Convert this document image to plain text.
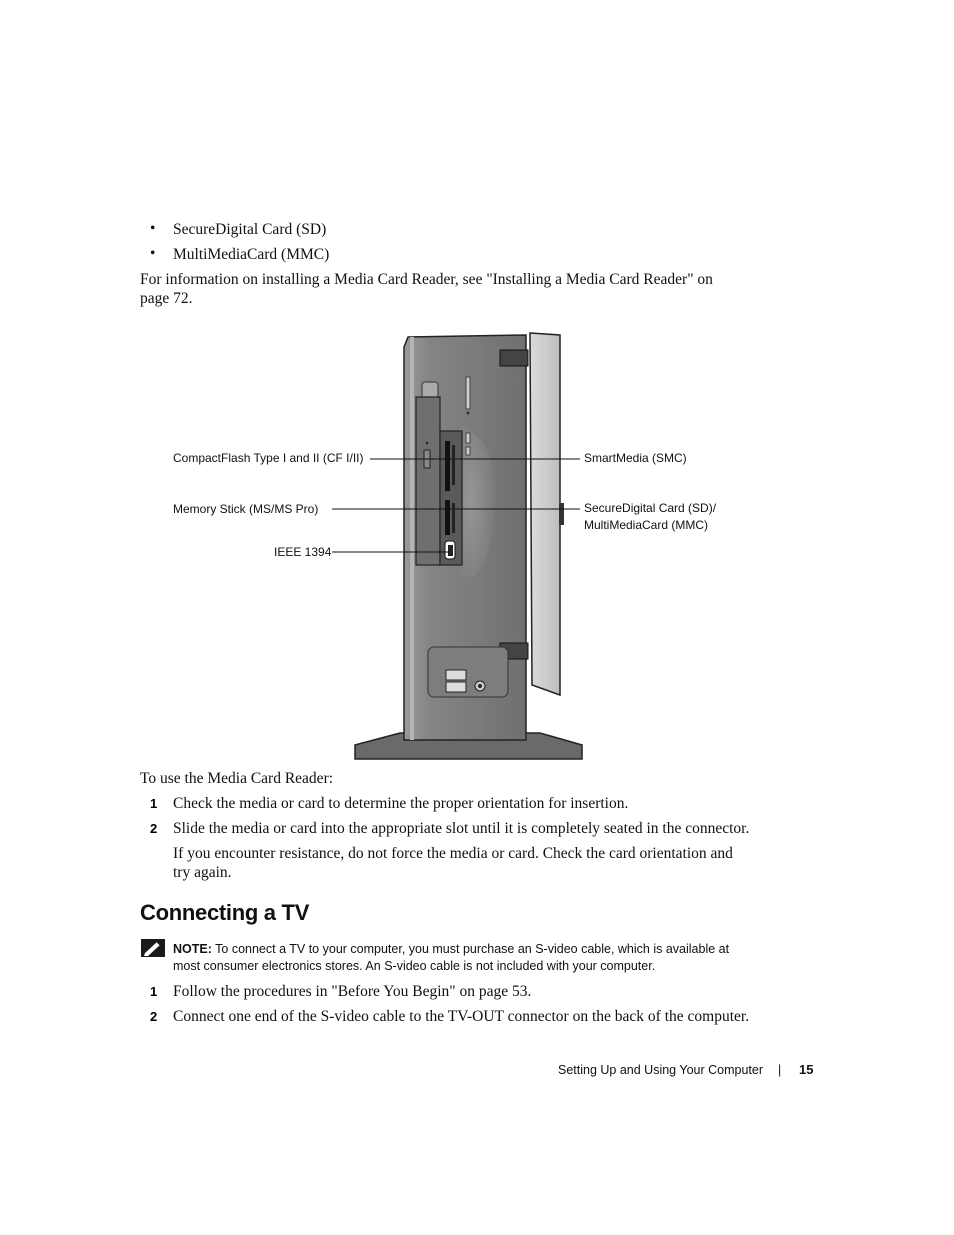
• SecureDigital Card (SD)
• MultiMediaCard (MMC)
For information on installing a Media Card Reader, see "Installing a Media Card Reader" on
page 72.
CompactFlash Type I and II (CF I/II)
Memory Stick (MS/MS Pro)
IEEE 1394
SmartMedia (SMC)
SecureDigital Card (SD)/
MultiMediaCard (MMC)
To use the Media Card Reader:
1 Check the media or card to determine the proper orientation for insertion.
2 Slide the media or card into the appropriate slot until it is completely seated in the connector.
If you encounter resistance, do not force the media or card. Check the card orientation and
try again.
Connecting a TV
NOTE: To connect a TV to your computer, you must purchase an S-video cable, which is available at
most consumer electronics stores. An S-video cable is not included with your computer.
1 Follow the procedures in "Before You Begin" on page 53.
2 Connect one end of the S-video cable to the TV-OUT connector on the back of the computer.
Setting Up and Using Your Computer | 15
